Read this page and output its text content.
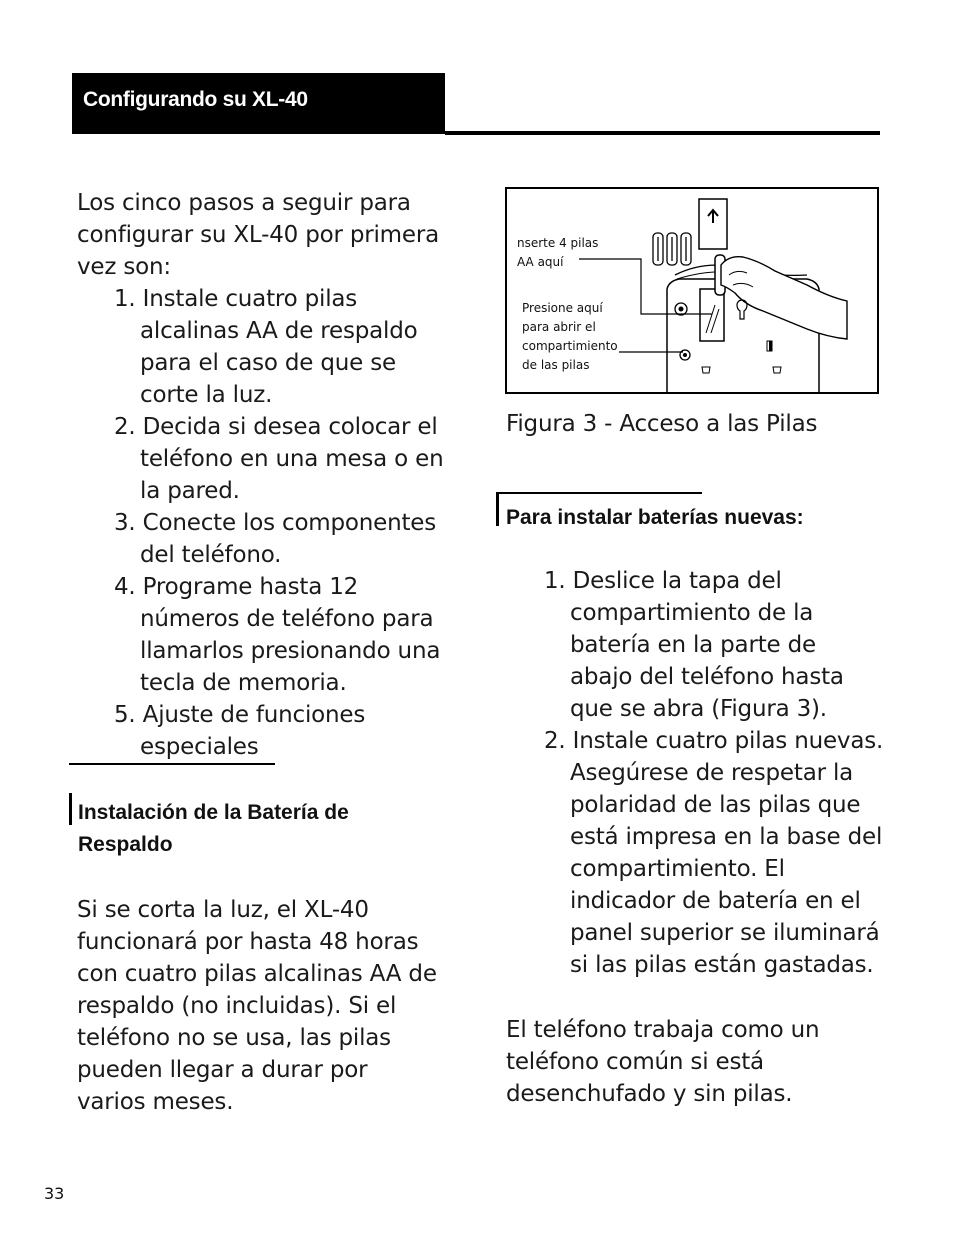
Configurando su XL-40
Los cinco pasos a seguir para
configurar su XL-40 por primera
vez son:
1. Instale cuatro pilas alcalinas AA de respaldo para el caso de que se corte la luz.
2. Decida si desea colocar el teléfono en una mesa o en la pared.
3. Conecte los componentes del teléfono.
4. Programe hasta 12 números de teléfono para llamarlos presionando una tecla de memoria.
5. Ajuste de funciones especiales
Instalación de la Batería de
Respaldo
Si se corta la luz, el XL-40
funcionará por hasta 48 horas
con cuatro pilas alcalinas AA de
respaldo (no incluidas). Si el
teléfono no se usa, las pilas
pueden llegar a durar por
varios meses.
nserte 4 pilas
AA aquí
Presione aquí
para abrir el
compartimiento
de las pilas
Figura 3 - Acceso a las Pilas
Para instalar baterías nuevas:
1. Deslice la tapa del compartimiento de la batería en la parte de abajo del teléfono hasta que se abra (Figura 3).
2. Instale cuatro pilas nuevas. Asegúrese de respetar la polaridad de las pilas que está impresa en la base del compartimiento. El indicador de batería en el panel superior se iluminará si las pilas están gastadas.
El teléfono trabaja como un
teléfono común si está
desenchufado y sin pilas.
33
